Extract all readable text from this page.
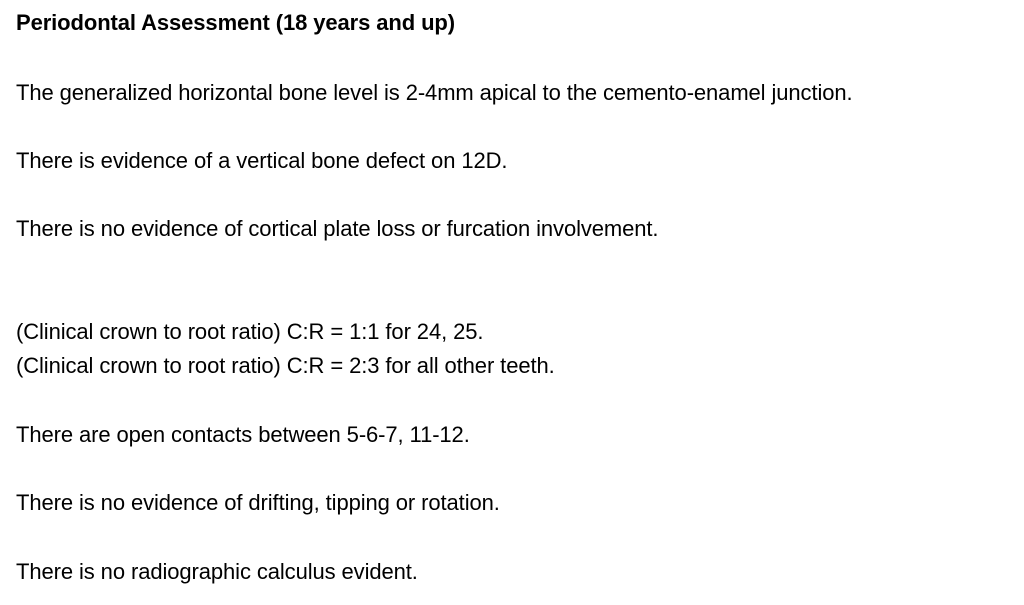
Periodontal Assessment (18 years and up)

The generalized horizontal bone level is 2-4mm apical to the cemento-enamel junction.

There is evidence of a vertical bone defect on 12D.

There is no evidence of cortical plate loss or furcation involvement.

(Clinical crown to root ratio) C:R = 1:1 for 24, 25.

(Clinical crown to root ratio) C:R = 2:3 for all other teeth.

There are open contacts between 5-6-7, 11-12.

There is no evidence of drifting, tipping or rotation.

There is no radiographic calculus evident.
